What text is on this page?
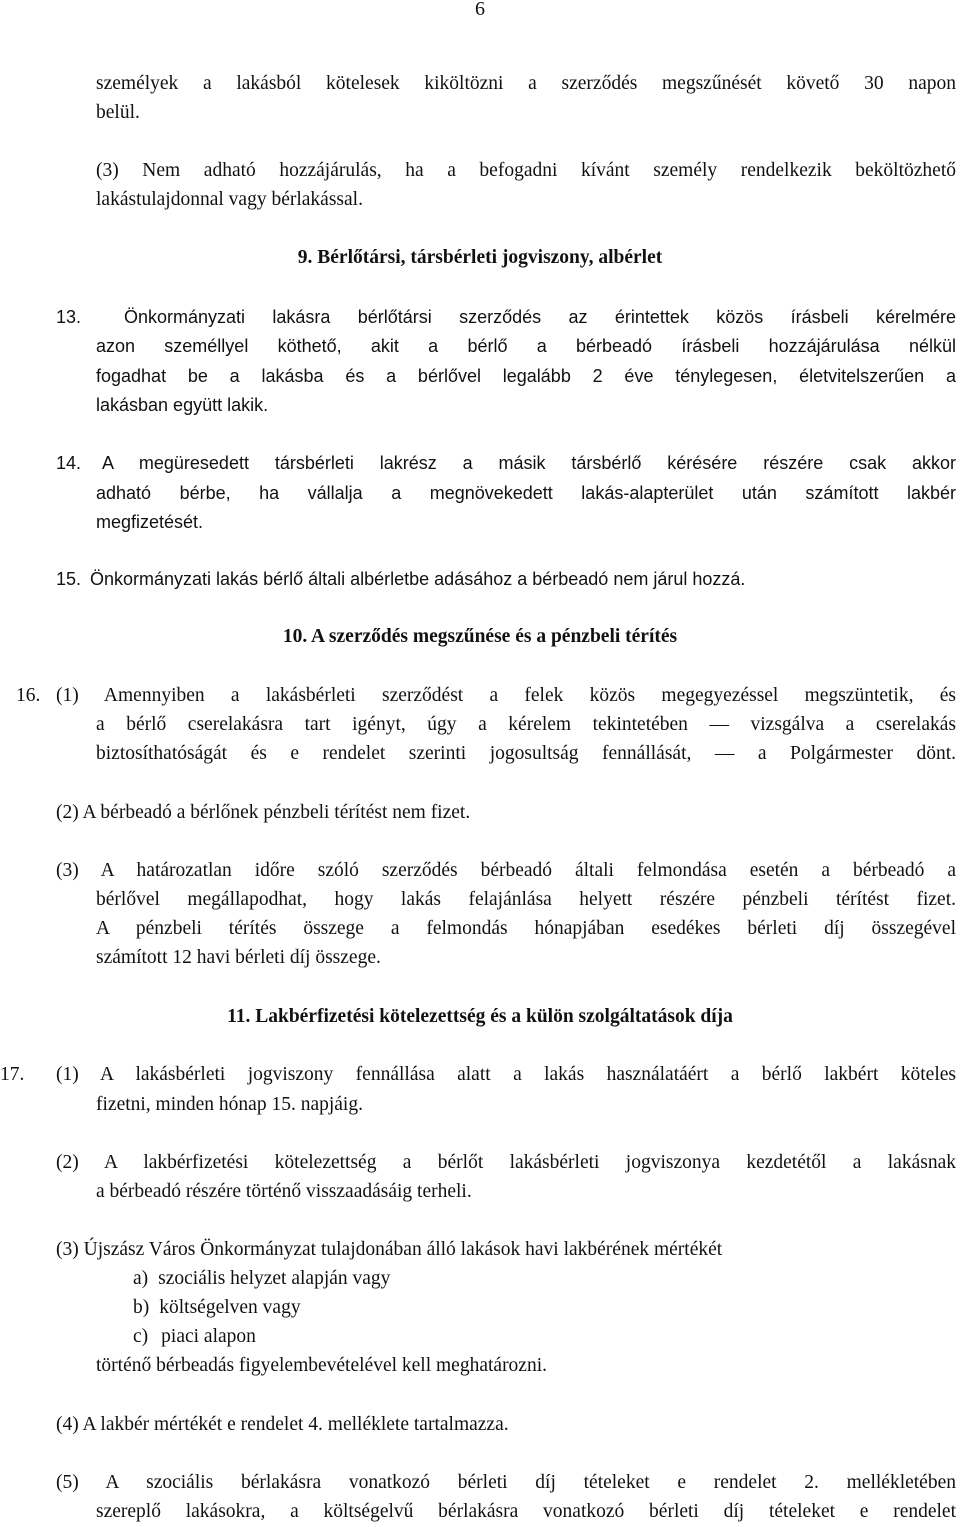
6
személyek a lakásból kötelesek kiköltözni a szerződés megszűnését követő 30 napon
belül.
(3) Nem adható hozzájárulás, ha a befogadni kívánt személy rendelkezik beköltözhető
lakástulajdonnal vagy bérlakással.
9. Bérlőtársi, társbérleti jogviszony, albérlet
13. Önkormányzati lakásra bérlőtársi szerződés az érintettek közös írásbeli kérelmére
azon személlyel köthető, akit a bérlő a bérbeadó írásbeli hozzájárulása nélkül
fogadhat be a lakásba és a bérlővel legalább 2 éve ténylegesen, életvitelszerűen a
lakásban együtt lakik.
14. A megüresedett társbérleti lakrész a másik társbérlő kérésére részére csak akkor
adható bérbe, ha vállalja a megnövekedett lakás-alapterület után számított lakbér
megfizetését.
15. Önkormányzati lakás bérlő általi albérletbe adásához a bérbeadó nem járul hozzá.
10. A szerződés megszűnése és a pénzbeli térítés
16. (1) Amennyiben a lakásbérleti szerződést a felek közös megegyezéssel megszüntetik, és
a bérlő cserelakásra tart igényt, úgy a kérelem tekintetében ― vizsgálva a cserelakás
biztosíthatóságát és e rendelet szerinti jogosultság fennállását, ― a Polgármester dönt.
(2) A bérbeadó a bérlőnek pénzbeli térítést nem fizet.
(3) A határozatlan időre szóló szerződés bérbeadó általi felmondása esetén a bérbeadó a
bérlővel megállapodhat, hogy lakás felajánlása helyett részére pénzbeli térítést fizet.
A pénzbeli térítés összege a felmondás hónapjában esedékes bérleti díj összegével
számított 12 havi bérleti díj összege.
11. Lakbérfizetési kötelezettség és a külön szolgáltatások díja
17. (1) A lakásbérleti jogviszony fennállása alatt a lakás használatáért a bérlő lakbért köteles
fizetni, minden hónap 15. napjáig.
(2) A lakbérfizetési kötelezettség a bérlőt lakásbérleti jogviszonya kezdetétől a lakásnak
a bérbeadó részére történő visszaadásáig terheli.
(3) Újszász Város Önkormányzat tulajdonában álló lakások havi lakbérének mértékét
a) szociális helyzet alapján vagy
b) költségelven vagy
c) piaci alapon
történő bérbeadás figyelembevételével kell meghatározni.
(4) A lakbér mértékét e rendelet 4. melléklete tartalmazza.
(5) A szociális bérlakásra vonatkozó bérleti díj tételeket e rendelet 2. mellékletében
szereplő lakásokra, a költségelvű bérlakásra vonatkozó bérleti díj tételeket e rendelet
